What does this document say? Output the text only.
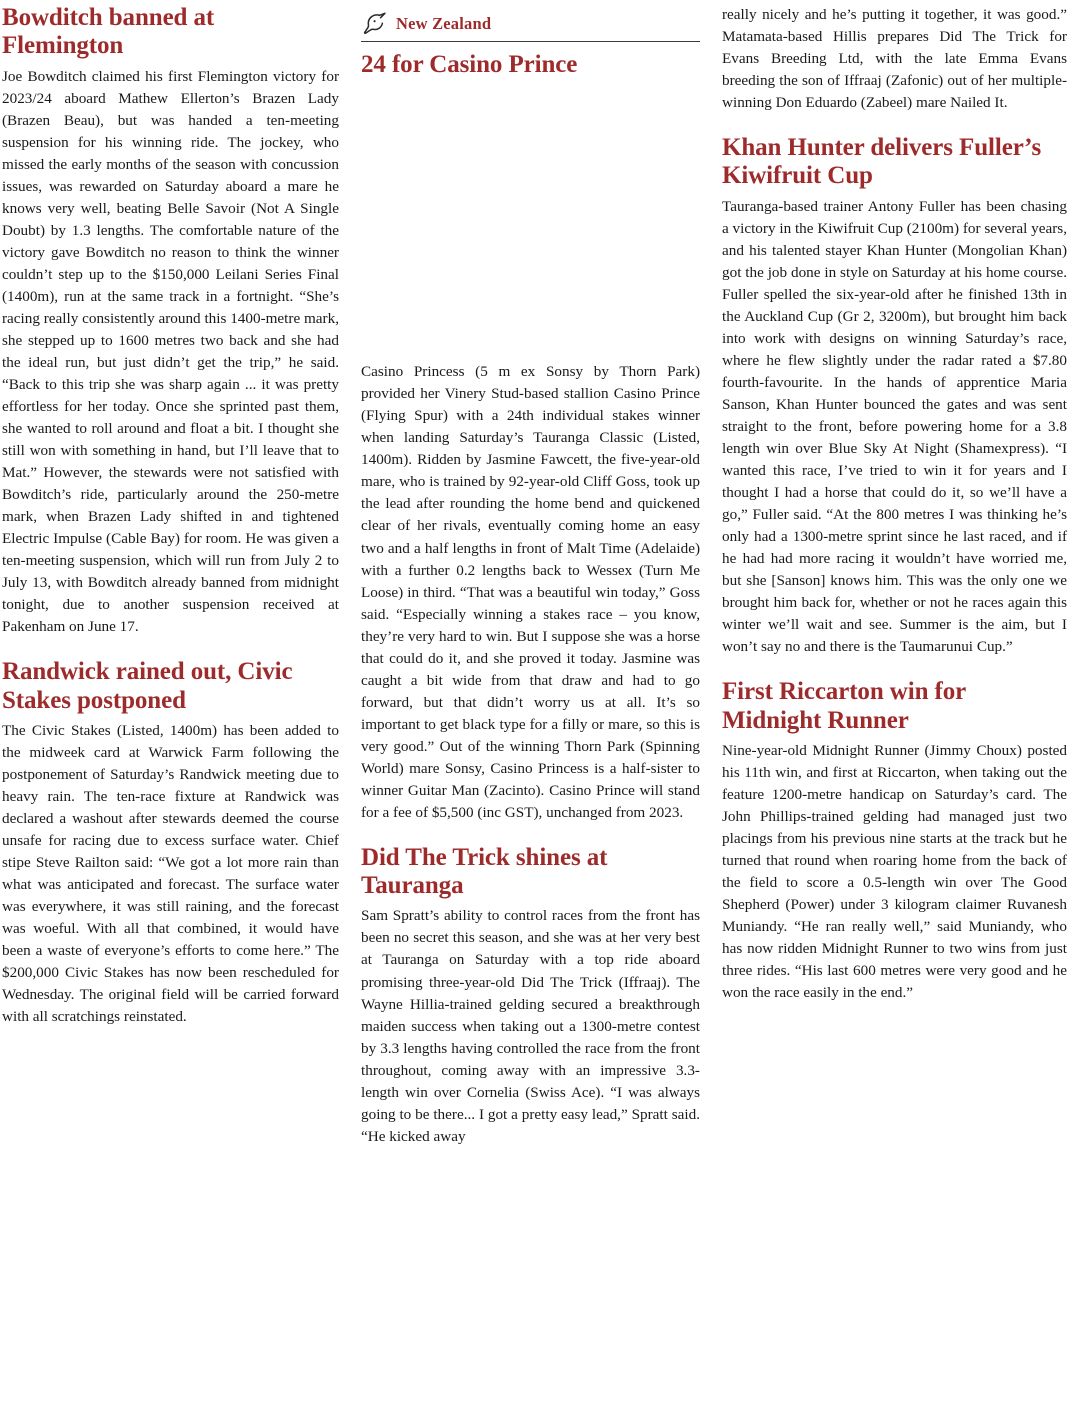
Bowditch banned at Flemington

Joe Bowditch claimed his first Flemington victory for 2023/24 aboard Mathew Ellerton’s Brazen Lady (Brazen Beau), but was handed a ten-meeting suspension for his winning ride. The jockey, who missed the early months of the season with concussion issues, was rewarded on Saturday aboard a mare he knows very well, beating Belle Savoir (Not A Single Doubt) by 1.3 lengths. The comfortable nature of the victory gave Bowditch no reason to think the winner couldn’t step up to the $150,000 Leilani Series Final (1400m), run at the same track in a fortnight. “She’s racing really consistently around this 1400-metre mark, she stepped up to 1600 metres two back and she had the ideal run, but just didn’t get the trip,” he said. “Back to this trip she was sharp again ... it was pretty effortless for her today. Once she sprinted past them, she wanted to roll around and float a bit. I thought she still won with something in hand, but I’ll leave that to Mat.” However, the stewards were not satisfied with Bowditch’s ride, particularly around the 250-metre mark, when Brazen Lady shifted in and tightened Electric Impulse (Cable Bay) for room. He was given a ten-meeting suspension, which will run from July 2 to July 13, with Bowditch already banned from midnight tonight, due to another suspension received at Pakenham on June 17.

Randwick rained out, Civic Stakes postponed

The Civic Stakes (Listed, 1400m) has been added to the midweek card at Warwick Farm following the postponement of Saturday’s Randwick meeting due to heavy rain. The ten-race fixture at Randwick was declared a washout after stewards deemed the course unsafe for racing due to excess surface water. Chief stipe Steve Railton said: “We got a lot more rain than what was anticipated and forecast. The surface water was everywhere, it was still raining, and the forecast was woeful. With all that combined, it would have been a waste of everyone’s efforts to come here.” The $200,000 Civic Stakes has now been rescheduled for Wednesday. The original field will be carried forward with all scratchings reinstated.

New Zealand
24 for Casino Prince

Casino Princess (5 m ex Sonsy by Thorn Park) provided her Vinery Stud-based stallion Casino Prince (Flying Spur) with a 24th individual stakes winner when landing Saturday’s Tauranga Classic (Listed, 1400m). Ridden by Jasmine Fawcett, the five-year-old mare, who is trained by 92-year-old Cliff Goss, took up the lead after rounding the home bend and quickened clear of her rivals, eventually coming home an easy two and a half lengths in front of Malt Time (Adelaide) with a further 0.2 lengths back to Wessex (Turn Me Loose) in third. “That was a beautiful win today,” Goss said. “Especially winning a stakes race – you know, they’re very hard to win. But I suppose she was a horse that could do it, and she proved it today. Jasmine was caught a bit wide from that draw and had to go forward, but that didn’t worry us at all. It’s so important to get black type for a filly or mare, so this is very good.” Out of the winning Thorn Park (Spinning World) mare Sonsy, Casino Princess is a half-sister to winner Guitar Man (Zacinto). Casino Prince will stand for a fee of $5,500 (inc GST), unchanged from 2023.

Did The Trick shines at Tauranga

Sam Spratt’s ability to control races from the front has been no secret this season, and she was at her very best at Tauranga on Saturday with a top ride aboard promising three-year-old Did The Trick (Iffraaj). The Wayne Hillia-trained gelding secured a breakthrough maiden success when taking out a 1300-metre contest by 3.3 lengths having controlled the race from the front throughout, coming away with an impressive 3.3-length win over Cornelia (Swiss Ace). “I was always going to be there... I got a pretty easy lead,” Spratt said. “He kicked away

really nicely and he’s putting it together, it was good.” Matamata-based Hillis prepares Did The Trick for Evans Breeding Ltd, with the late Emma Evans breeding the son of Iffraaj (Zafonic) out of her multiple-winning Don Eduardo (Zabeel) mare Nailed It.

Khan Hunter delivers Fuller’s Kiwifruit Cup

Tauranga-based trainer Antony Fuller has been chasing a victory in the Kiwifruit Cup (2100m) for several years, and his talented stayer Khan Hunter (Mongolian Khan) got the job done in style on Saturday at his home course. Fuller spelled the six-year-old after he finished 13th in the Auckland Cup (Gr 2, 3200m), but brought him back into work with designs on winning Saturday’s race, where he flew slightly under the radar rated a $7.80 fourth-favourite. In the hands of apprentice Maria Sanson, Khan Hunter bounced the gates and was sent straight to the front, before powering home for a 3.8 length win over Blue Sky At Night (Shamexpress). “I wanted this race, I’ve tried to win it for years and I thought I had a horse that could do it, so we’ll have a go,” Fuller said. “At the 800 metres I was thinking he’s only had a 1300-metre sprint since he last raced, and if he had had more racing it wouldn’t have worried me, but she [Sanson] knows him. This was the only one we brought him back for, whether or not he races again this winter we’ll wait and see. Summer is the aim, but I won’t say no and there is the Taumarunui Cup.”

First Riccarton win for Midnight Runner

Nine-year-old Midnight Runner (Jimmy Choux) posted his 11th win, and first at Riccarton, when taking out the feature 1200-metre handicap on Saturday’s card. The John Phillips-trained gelding had managed just two placings from his previous nine starts at the track but he turned that round when roaring home from the back of the field to score a 0.5-length win over The Good Shepherd (Power) under 3 kilogram claimer Ruvanesh Muniandy. “He ran really well,” said Muniandy, who has now ridden Midnight Runner to two wins from just three rides. “His last 600 metres were very good and he won the race easily in the end.”
